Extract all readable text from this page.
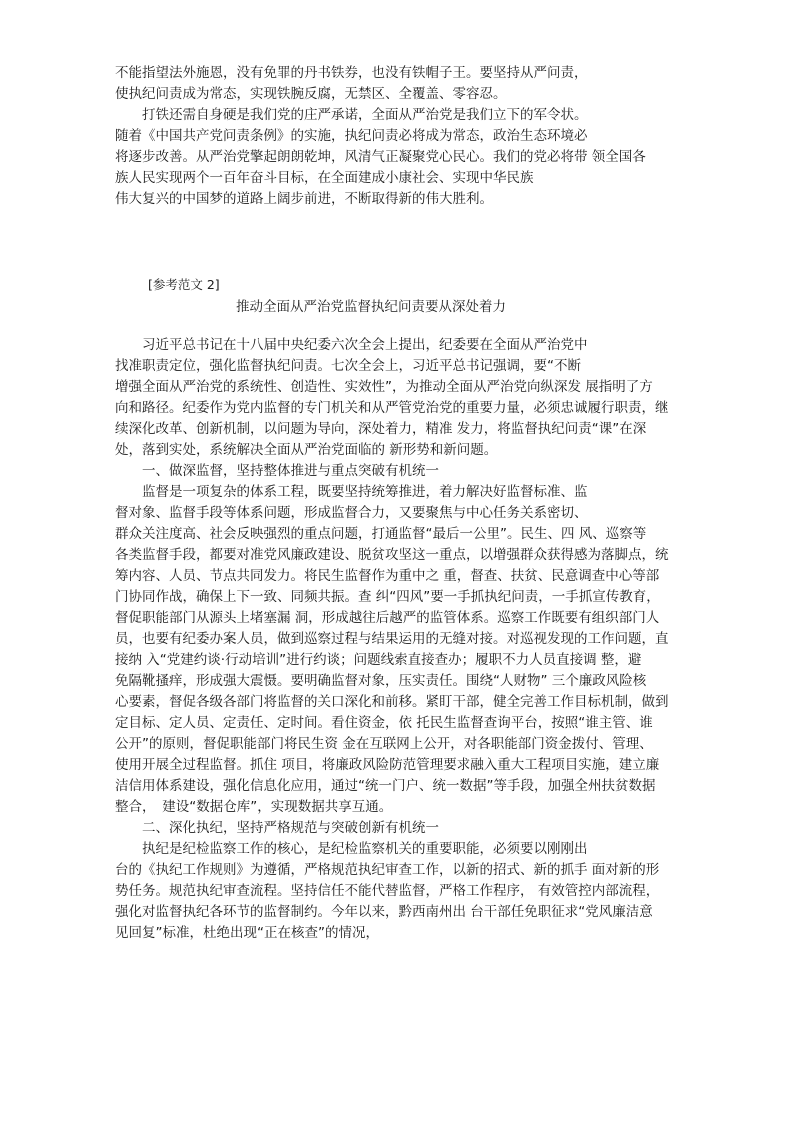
不能指望法外施恩，没有免罪的丹书铁券，也没有铁帽子王。要坚持从严问责，
使执纪问责成为常态，实现铁腕反腐，无禁区、全覆盖、零容忍。
　　打铁还需自身硬是我们党的庄严承诺，全面从严治党是我们立下的军令状。
随着《中国共产党问责条例》的实施，执纪问责必将成为常态，政治生态环境必
将逐步改善。从严治党擎起朗朗乾坤，风清气正凝聚党心民心。我们的党必将带 领全国各
族人民实现两个一百年奋斗目标，在全面建成小康社会、实现中华民族
伟大复兴的中国梦的道路上阔步前进，不断取得新的伟大胜利。
[参考范文 2]
推动全面从严治党监督执纪问责要从深处着力
　　习近平总书记在十八届中央纪委六次全会上提出，纪委要在全面从严治党中
找准职责定位，强化监督执纪问责。七次全会上，习近平总书记强调，要“不断
增强全面从严治党的系统性、创造性、实效性”，为推动全面从严治党向纵深发 展指明了方
向和路径。纪委作为党内监督的专门机关和从严管党治党的重要力量，必须忠诚履行职责，继
续深化改革、创新机制，以问题为导向，深处着力，精准 发力，将监督执纪问责“课”在深
处，落到实处，系统解决全面从严治党面临的 新形势和新问题。
　　一、做深监督，坚持整体推进与重点突破有机统一
　　监督是一项复杂的体系工程，既要坚持统筹推进，着力解决好监督标准、监
督对象、监督手段等体系问题，形成监督合力，又要聚焦与中心任务关系密切、
群众关注度高、社会反映强烈的重点问题，打通监督“最后一公里”。民生、四 风、巡察等
各类监督手段，都要对准党风廉政建设、脱贫攻坚这一重点，以增强群众获得感为落脚点，统
筹内容、人员、节点共同发力。将民生监督作为重中之 重，督查、扶贫、民意调查中心等部
门协同作战，确保上下一致、同频共振。查 纠“四风”要一手抓执纪问责，一手抓宣传教育，
督促职能部门从源头上堵塞漏 洞，形成越往后越严的监管体系。巡察工作既要有组织部门人
员，也要有纪委办案人员，做到巡察过程与结果运用的无缝对接。对巡视发现的工作问题，直
接纳 入“党建约谈·行动培训”进行约谈；问题线索直接查办；履职不力人员直接调 整，避
免隔靴搔痒，形成强大震慑。要明确监督对象，压实责任。围绕“人财物” 三个廉政风险核
心要素，督促各级各部门将监督的关口深化和前移。紧盯干部，健全完善工作目标机制，做到
定目标、定人员、定责任、定时间。看住资金，依 托民生监督查询平台，按照“谁主管、谁
公开”的原则，督促职能部门将民生资 金在互联网上公开，对各职能部门资金拨付、管理、
使用开展全过程监督。抓住 项目，将廉政风险防范管理要求融入重大工程项目实施，建立廉
洁信用体系建设，强化信息化应用，通过“统一门户、统一数据”等手段，加强全州扶贫数据
整合，　建设“数据仓库”，实现数据共享互通。
　　二、深化执纪，坚持严格规范与突破创新有机统一
　　执纪是纪检监察工作的核心，是纪检监察机关的重要职能，必须要以刚刚出
台的《执纪工作规则》为遵循，严格规范执纪审查工作，以新的招式、新的抓手 面对新的形
势任务。规范执纪审查流程。坚持信任不能代替监督，严格工作程序， 有效管控内部流程，
强化对监督执纪各环节的监督制约。今年以来，黔西南州出 台干部任免职征求“党风廉洁意
见回复”标准，杜绝出现“正在核查”的情况，
